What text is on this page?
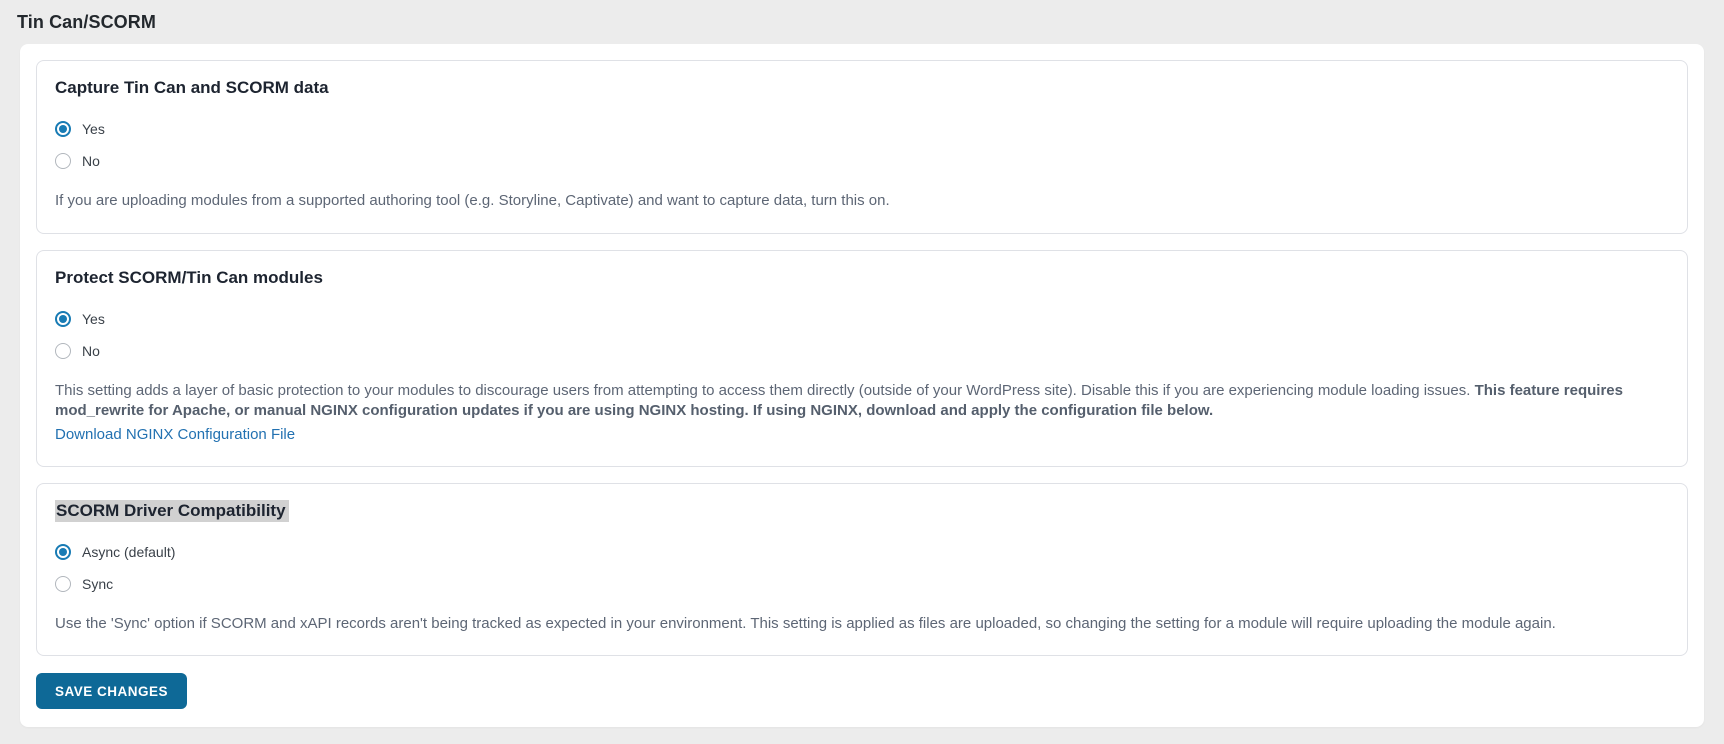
Tin Can/SCORM
Capture Tin Can and SCORM data
Yes
No

If you are uploading modules from a supported authoring tool (e.g. Storyline, Captivate) and want to capture data, turn this on.

Protect SCORM/Tin Can modules
Yes
No

This setting adds a layer of basic protection to your modules to discourage users from attempting to access them directly (outside of your WordPress site). Disable this if you are experiencing module loading issues. This feature requires mod_rewrite for Apache, or manual NGINX configuration updates if you are using NGINX hosting. If using NGINX, download and apply the configuration file below.

Download NGINX Configuration File
SCORM Driver Compatibility
Async (default)
Sync

Use the 'Sync' option if SCORM and xAPI records aren't being tracked as expected in your environment. This setting is applied as files are uploaded, so changing the setting for a module will require uploading the module again.

SAVE CHANGES
